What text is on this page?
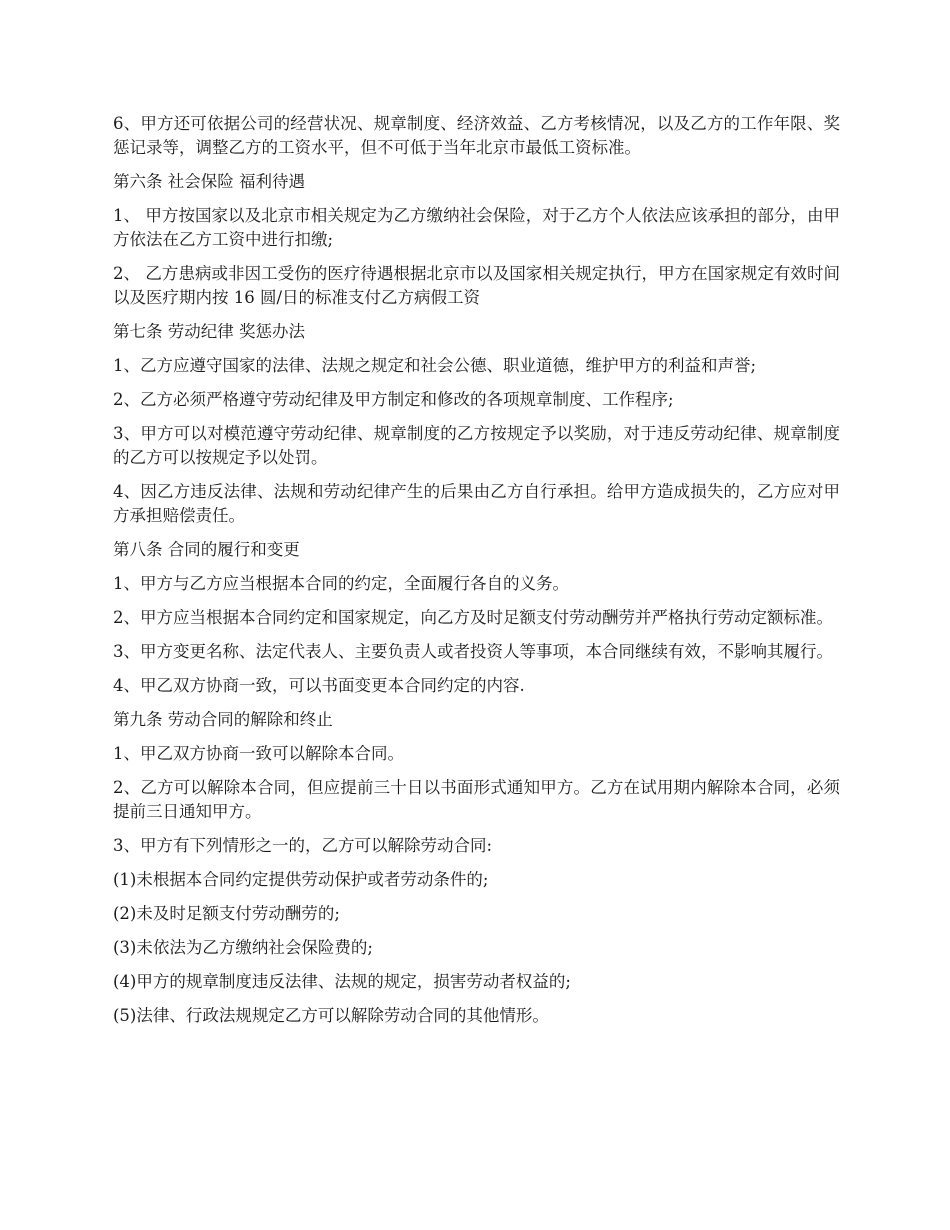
6、甲方还可依据公司的经营状况、规章制度、经济效益、乙方考核情况，以及乙方的工作年限、奖惩记录等，调整乙方的工资水平，但不可低于当年北京市最低工资标准。

第六条 社会保险 福利待遇

1、 甲方按国家以及北京市相关规定为乙方缴纳社会保险，对于乙方个人依法应该承担的部分，由甲方依法在乙方工资中进行扣缴;

2、 乙方患病或非因工受伤的医疗待遇根据北京市以及国家相关规定执行，甲方在国家规定有效时间以及医疗期内按 16 圆/日的标准支付乙方病假工资

第七条 劳动纪律 奖惩办法

1、乙方应遵守国家的法律、法规之规定和社会公德、职业道德，维护甲方的利益和声誉;

2、乙方必须严格遵守劳动纪律及甲方制定和修改的各项规章制度、工作程序;

3、甲方可以对模范遵守劳动纪律、规章制度的乙方按规定予以奖励，对于违反劳动纪律、规章制度的乙方可以按规定予以处罚。

4、因乙方违反法律、法规和劳动纪律产生的后果由乙方自行承担。给甲方造成损失的，乙方应对甲方承担赔偿责任。

第八条 合同的履行和变更

1、甲方与乙方应当根据本合同的约定，全面履行各自的义务。

2、甲方应当根据本合同约定和国家规定，向乙方及时足额支付劳动酬劳并严格执行劳动定额标准。

3、甲方变更名称、法定代表人、主要负责人或者投资人等事项，本合同继续有效，不影响其履行。

4、甲乙双方协商一致，可以书面变更本合同约定的内容.

第九条 劳动合同的解除和终止

1、甲乙双方协商一致可以解除本合同。

2、乙方可以解除本合同，但应提前三十日以书面形式通知甲方。乙方在试用期内解除本合同，必须提前三日通知甲方。

3、甲方有下列情形之一的，乙方可以解除劳动合同:

(1)未根据本合同约定提供劳动保护或者劳动条件的;

(2)未及时足额支付劳动酬劳的;

(3)未依法为乙方缴纳社会保险费的;

(4)甲方的规章制度违反法律、法规的规定，损害劳动者权益的;

(5)法律、行政法规规定乙方可以解除劳动合同的其他情形。
